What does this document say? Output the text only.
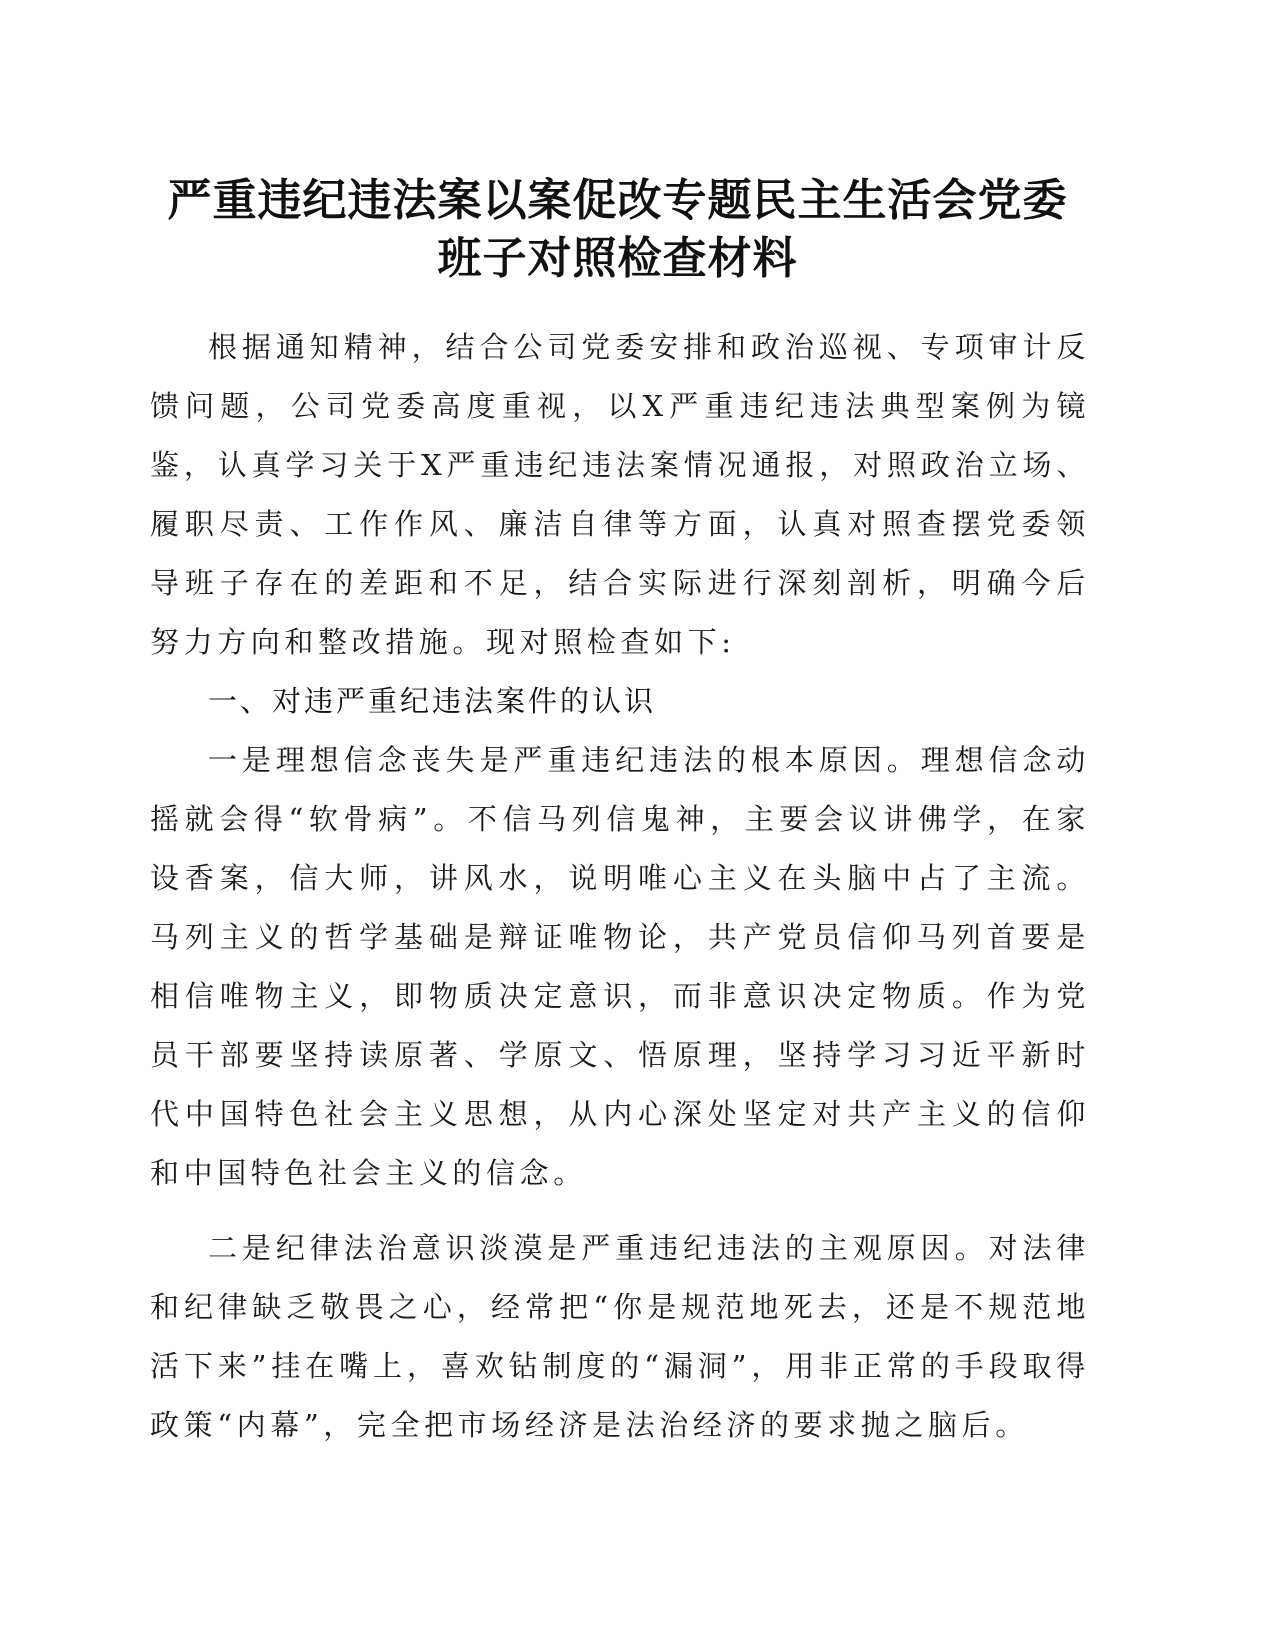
严重违纪违法案以案促改专题民主生活会党委
班子对照检查材料

根据通知精神，结合公司党委安排和政治巡视、专项审计反馈问题，公司党委高度重视，以X严重违纪违法典型案例为镜鉴，认真学习关于X严重违纪违法案情况通报，对照政治立场、履职尽责、工作作风、廉洁自律等方面，认真对照查摆党委领导班子存在的差距和不足，结合实际进行深刻剖析，明确今后努力方向和整改措施。现对照检查如下:

一、对违严重纪违法案件的认识

一是理想信念丧失是严重违纪违法的根本原因。理想信念动摇就会得“软骨病”。不信马列信鬼神，主要会议讲佛学，在家设香案，信大师，讲风水，说明唯心主义在头脑中占了主流。马列主义的哲学基础是辩证唯物论，共产党员信仰马列首要是相信唯物主义，即物质决定意识，而非意识决定物质。作为党员干部要坚持读原著、学原文、悟原理，坚持学习习近平新时代中国特色社会主义思想，从内心深处坚定对共产主义的信仰和中国特色社会主义的信念。

二是纪律法治意识淡漠是严重违纪违法的主观原因。对法律和纪律缺乏敬畏之心，经常把“你是规范地死去，还是不规范地活下来”挂在嘴上，喜欢钻制度的“漏洞”，用非正常的手段取得政策“内幕”，完全把市场经济是法治经济的要求抛之脑后。
